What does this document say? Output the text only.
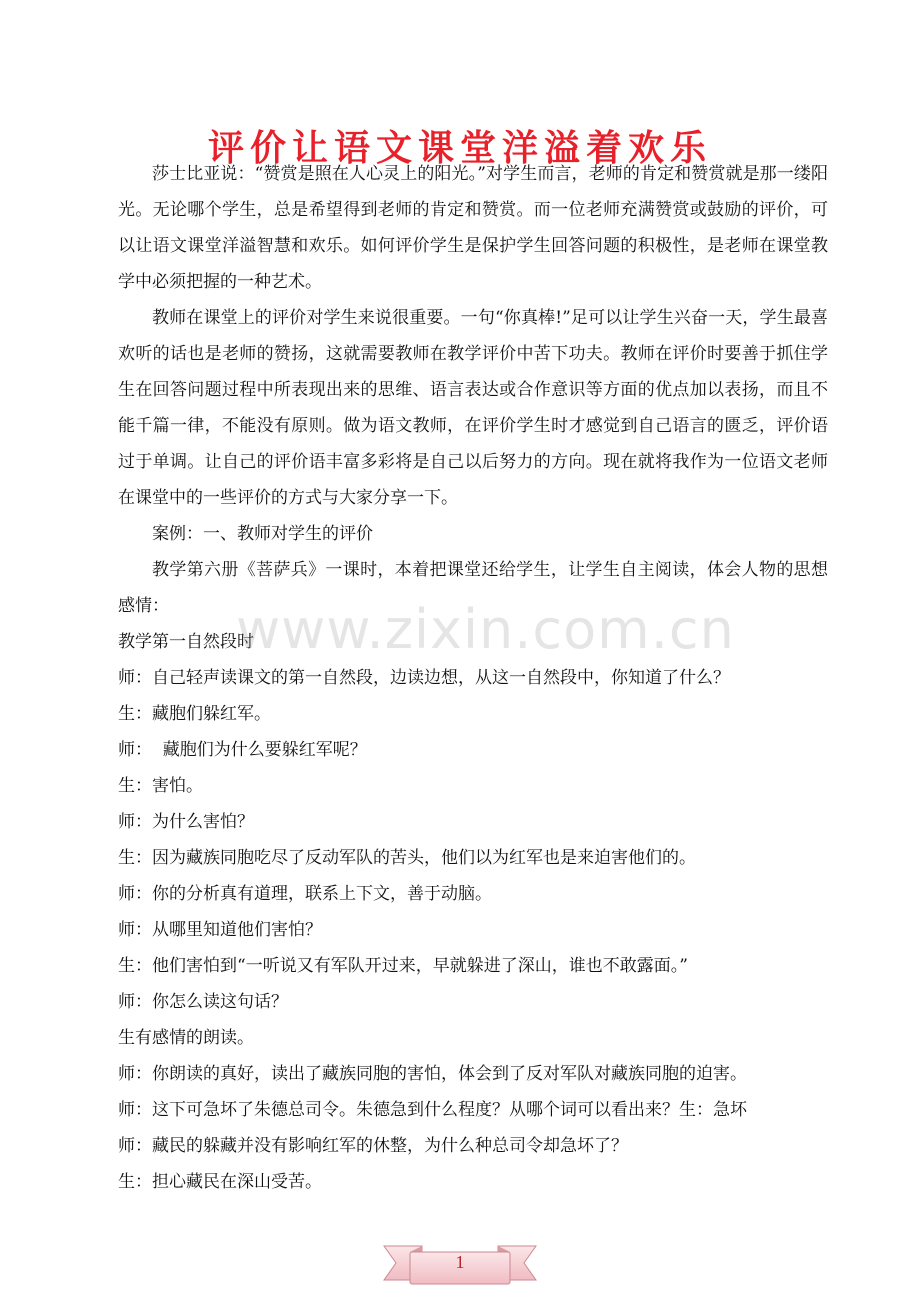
评价让语文课堂洋溢着欢乐

莎士比亚说：“赞赏是照在人心灵上的阳光。”对学生而言，老师的肯定和赞赏就是那一缕阳光。无论哪个学生，总是希望得到老师的肯定和赞赏。而一位老师充满赞赏或鼓励的评价，可以让语文课堂洋溢智慧和欢乐。如何评价学生是保护学生回答问题的积极性，是老师在课堂教学中必须把握的一种艺术。

教师在课堂上的评价对学生来说很重要。一句“你真棒!”足可以让学生兴奋一天，学生最喜欢听的话也是老师的赞扬，这就需要教师在教学评价中苦下功夫。教师在评价时要善于抓住学生在回答问题过程中所表现出来的思维、语言表达或合作意识等方面的优点加以表扬，而且不能千篇一律，不能没有原则。做为语文教师，在评价学生时才感觉到自己语言的匮乏，评价语过于单调。让自己的评价语丰富多彩将是自己以后努力的方向。现在就将我作为一位语文老师在课堂中的一些评价的方式与大家分享一下。

案例：一、教师对学生的评价

教学第六册《菩萨兵》一课时，本着把课堂还给学生，让学生自主阅读，体会人物的思想感情：

教学第一自然段时

师：自己轻声读课文的第一自然段，边读边想，从这一自然段中，你知道了什么？

生：藏胞们躲红军。

师：  藏胞们为什么要躲红军呢？

生：害怕。

师：为什么害怕？

生：因为藏族同胞吃尽了反动军队的苦头，他们以为红军也是来迫害他们的。

师：你的分析真有道理，联系上下文，善于动脑。

师：从哪里知道他们害怕？

生：他们害怕到“一听说又有军队开过来，早就躲进了深山，谁也不敢露面。”

师：你怎么读这句话？

生有感情的朗读。

师：你朗读的真好，读出了藏族同胞的害怕，体会到了反对军队对藏族同胞的迫害。

师：这下可急坏了朱德总司令。朱德急到什么程度？从哪个词可以看出来？生：急坏

师：藏民的躲藏并没有影响红军的休整，为什么种总司令却急坏了？

生：担心藏民在深山受苦。

www.zixin.com.cn
1
